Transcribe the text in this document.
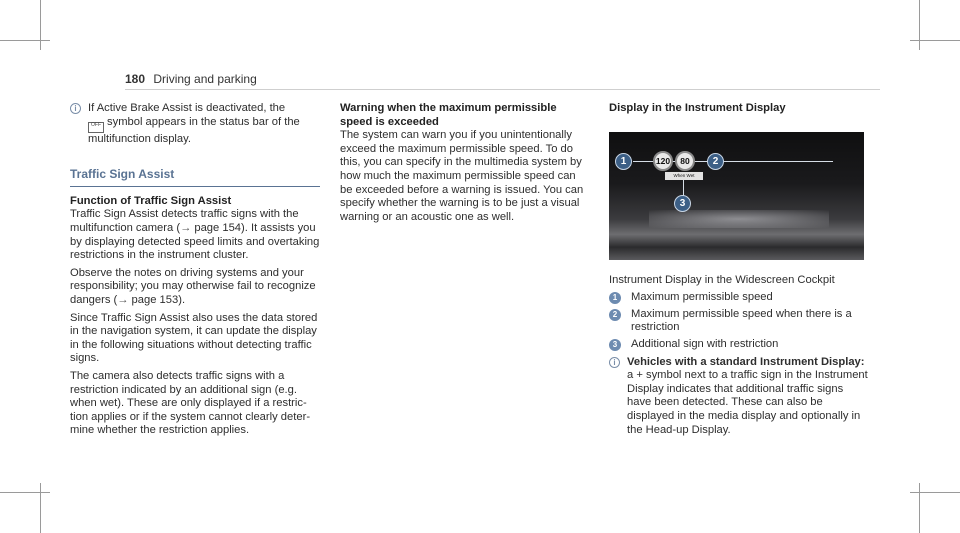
180 Driving and parking
i	If Active Brake Assist is deactivated, the
OFF symbol appears in the status bar of the multifunction display.
Traffic Sign Assist
Function of Traffic Sign Assist

Traffic Sign Assist detects traffic signs with the multifunction camera (→ page 154). It assists you by displaying detected speed limits and overtaking restrictions in the instrument cluster.

Observe the notes on driving systems and your responsibility; you may otherwise fail to recognize dangers (→ page 153).

Since Traffic Sign Assist also uses the data stored in the navigation system, it can update the display in the following situations without detecting traffic signs.

The camera also detects traffic signs with a restriction indicated by an additional sign (e.g. when wet). These are only displayed if a restriction applies or if the system cannot clearly determine whether the restriction applies.

Warning when the maximum permissible speed is exceeded

The system can warn you if you unintentionally exceed the maximum permissible speed. To do this, you can specify in the multimedia system by how much the maximum permissible speed can be exceeded before a warning is issued. You can specify whether the warning is to be just a visual warning or an acoustic one as well.

Display in the Instrument Display
1	120	80
When Wet
2
3

Instrument Display in the Widescreen Cockpit

1	Maximum permissible speed
2	Maximum permissible speed when there is a restriction
3	Additional sign with restriction
i	Vehicles with a standard Instrument Display: a + symbol next to a traffic sign in the Instrument Display indicates that additional traffic signs have been detected. These can also be displayed in the media display and optionally in the Head-up Display.
